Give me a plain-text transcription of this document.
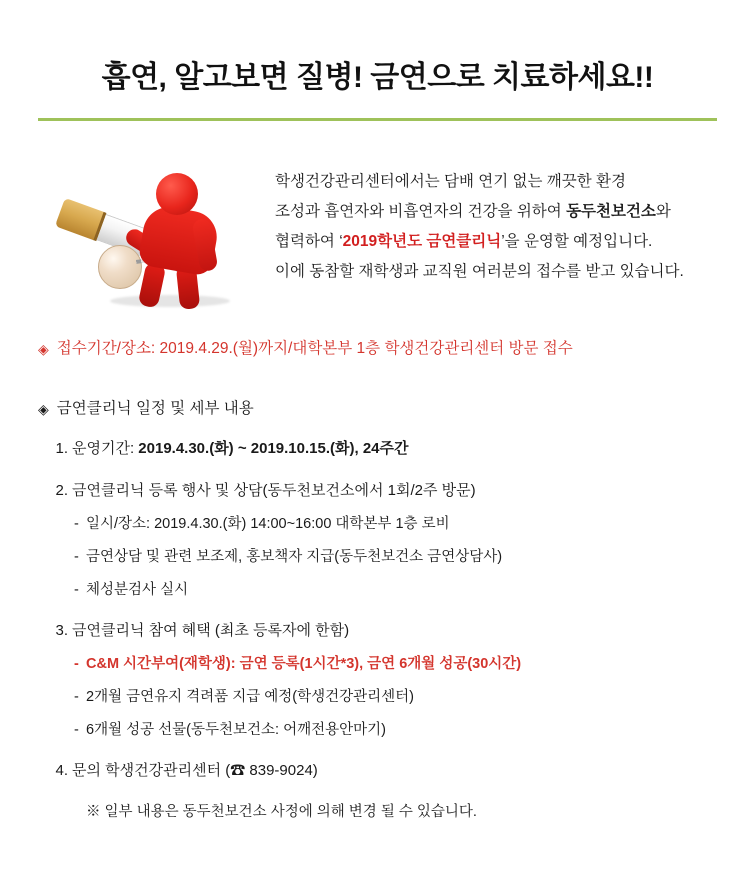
흡연, 알고보면 질병! 금연으로 치료하세요!!

학생건강관리센터에서는 담배 연기 없는 깨끗한 환경

조성과 흡연자와 비흡연자의 건강을 위하여 동두천보건소와

협력하여 ‘2019학년도 금연클리닉’을 운영할 예정입니다.

이에 동참할 재학생과 교직원 여러분의 접수를 받고 있습니다.

◈ 접수기간/장소: 2019.4.29.(월)까지/대학본부 1층 학생건강관리센터 방문 접수
◈ 금연클리닉 일정 및 세부 내용
운영기간: 2019.4.30.(화) ~ 2019.10.15.(화), 24주간
금연클리닉 등록 행사 및 상담(동두천보건소에서 1회/2주 방문)
- 일시/장소: 2019.4.30.(화) 14:00~16:00 대학본부 1층 로비
- 금연상담 및 관련 보조제, 홍보책자 지급(동두천보건소 금연상담사)
- 체성분검사 실시
금연클리닉 참여 혜택 (최초 등록자에 한함)
- C&M 시간부여(재학생): 금연 등록(1시간*3), 금연 6개월 성공(30시간)
- 2개월 금연유지 격려품 지급 예정(학생건강관리센터)
- 6개월 성공 선물(동두천보건소: 어깨전용안마기)
문의 학생건강관리센터 (☎ 839-9024)
※ 일부 내용은 동두천보건소 사정에 의해 변경 될 수 있습니다.
